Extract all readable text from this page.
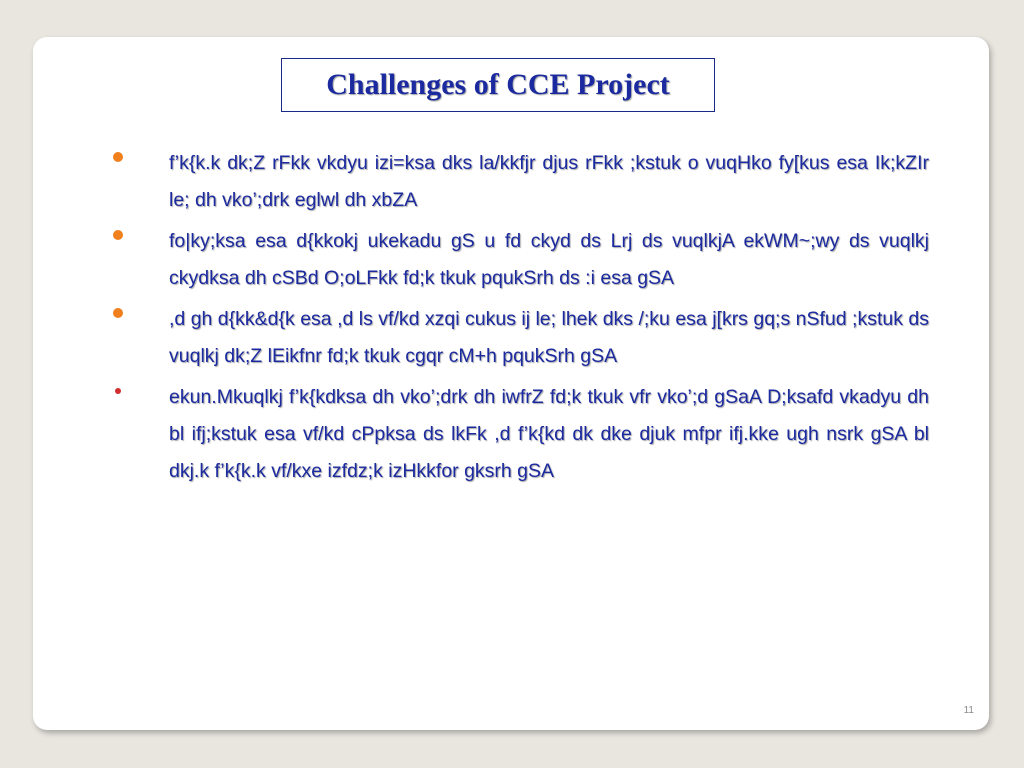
Challenges of CCE Project
f’k{k.k dk;Z rFkk vkdyu izi=ksa dks la/kkfjr djus rFkk ;kstuk o vuqHko fy[kus esa Ik;kZIr le; dh vko’;drk eglwl dh xbZA
fo|ky;ksa esa d{kkokj ukekadu gS u fd ckyd ds Lrj ds vuqlkjA ekWM~;wy ds vuqlkj ckydksa dh cSBd O;oLFkk fd;k tkuk pqukSrh ds :i esa gSA
,d gh d{kk&d{k esa ,d ls vf/kd xzqi cukus ij le; lhek dks /;ku esa j[krs gq;s nSfud ;kstuk ds vuqlkj dk;Z lEikfnr fd;k tkuk cgqr cM+h pqukSrh gSA
ekun.Mkuqlkj f’k{kdksa dh vko’;drk dh iwfrZ fd;k tkuk vfr vko’;d gSaA D;ksafd vkadyu dh bl ifj;kstuk esa vf/kd cPpksa ds lkFk ,d f’k{kd dk dke djuk mfpr ifj.kke ugh nsrk gSA bl dkj.k f’k{k.k vf/kxe izfdz;k izHkkfor gksrh gSA
11
